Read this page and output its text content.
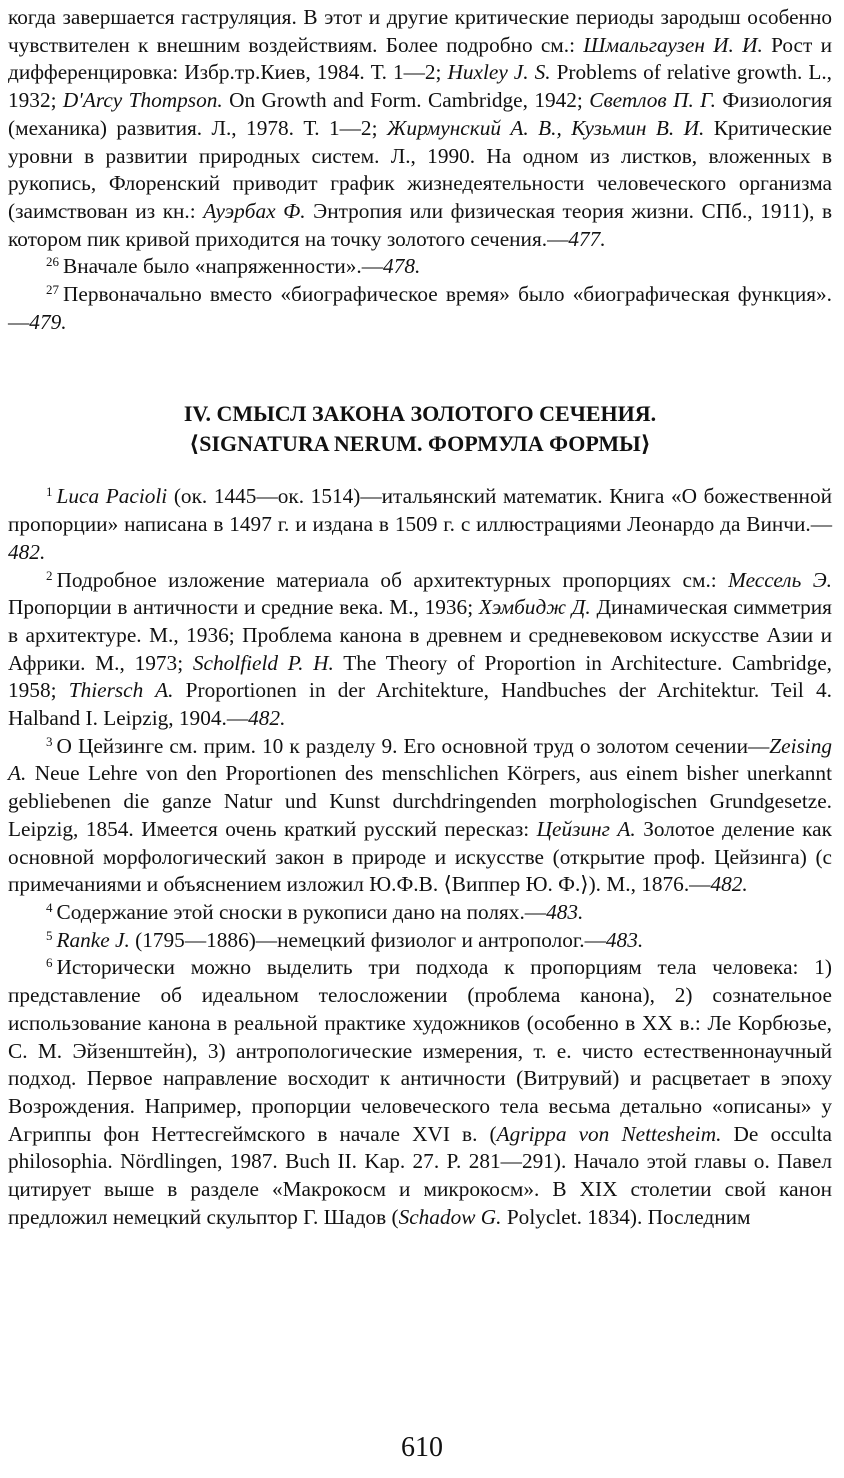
когда завершается гаструляция. В этот и другие критические периоды зародыш особенно чувствителен к внешним воздействиям. Более подробно см.: Шмальгаузен И. И. Рост и дифференцировка: Избр.тр.Киев, 1984. Т. 1—2; Huxley J. S. Problems of relative growth. L., 1932; D'Arcy Thompson. On Growth and Form. Cambridge, 1942; Светлов П. Г. Физиология (механика) развития. Л., 1978. Т. 1—2; Жирмунский А. В., Кузьмин В. И. Критические уровни в развитии природных систем. Л., 1990. На одном из листков, вложенных в рукопись, Флоренский приводит график жизнедеятельности человеческого организма (заимствован из кн.: Ауэрбах Ф. Энтропия или физическая теория жизни. СПб., 1911), в котором пик кривой приходится на точку золотого сечения.—477.

$^{26}$ Вначале было «напряженности».—478.

$^{27}$ Первоначально вместо «биографическое время» было «биографическая функция».—479.

IV. СМЫСЛ ЗАКОНА ЗОЛОТОГО СЕЧЕНИЯ.
⟨SIGNATURA NERUM. ФОРМУЛА ФОРМЫ⟩

$^1$ Luca Pacioli (ок. 1445—ок. 1514)—итальянский математик. Книга «О божественной пропорции» написана в 1497 г. и издана в 1509 г. с иллюстрациями Леонардо да Винчи.—482.

$^2$ Подробное изложение материала об архитектурных пропорциях см.: Мессель Э. Пропорции в античности и средние века. М., 1936; Хэмбидж Д. Динамическая симметрия в архитектуре. М., 1936; Проблема канона в древнем и средневековом искусстве Азии и Африки. М., 1973; Scholfield P. H. The Theory of Proportion in Architecture. Cambridge, 1958; Thiersch A. Proportionen in der Architekture, Handbuches der Architektur. Teil 4. Halband I. Leipzig, 1904.—482.

$^3$ О Цейзинге см. прим. 10 к разделу 9. Его основной труд о золотом сечении—Zeising A. Neue Lehre von den Proportionen des menschlichen Körpers, aus einem bisher unerkannt gebliebenen die ganze Natur und Kunst durchdringenden morphologischen Grundgesetze. Leipzig, 1854. Имеется очень краткий русский пересказ: Цейзинг А. Золотое деление как основной морфологический закон в природе и искусстве (открытие проф. Цейзинга) (с примечаниями и объяснением изложил Ю.Ф.В. ⟨Виппер Ю. Ф.⟩). М., 1876.—482.

$^4$ Содержание этой сноски в рукописи дано на полях.—483.

$^5$ Ranke J. (1795—1886)—немецкий физиолог и антрополог.—483.

$^6$ Исторически можно выделить три подхода к пропорциям тела человека: 1) представление об идеальном телосложении (проблема канона), 2) сознательное использование канона в реальной практике художников (особенно в XX в.: Ле Корбюзье, С. М. Эйзенштейн), 3) антропологические измерения, т. е. чисто естественнонаучный подход. Первое направление восходит к античности (Витрувий) и расцветает в эпоху Возрождения. Например, пропорции человеческого тела весьма детально «описаны» у Агриппы фон Неттесгеймского в начале XVI в. (Agrippa von Nettesheim. De occulta philosophia. Nördlingen, 1987. Buch II. Kap. 27. P. 281—291). Начало этой главы о. Павел цитирует выше в разделе «Макрокосм и микрокосм». В XIX столетии свой канон предложил немецкий скульптор Г. Шадов (Schadow G. Polyclet. 1834). Последним

610
